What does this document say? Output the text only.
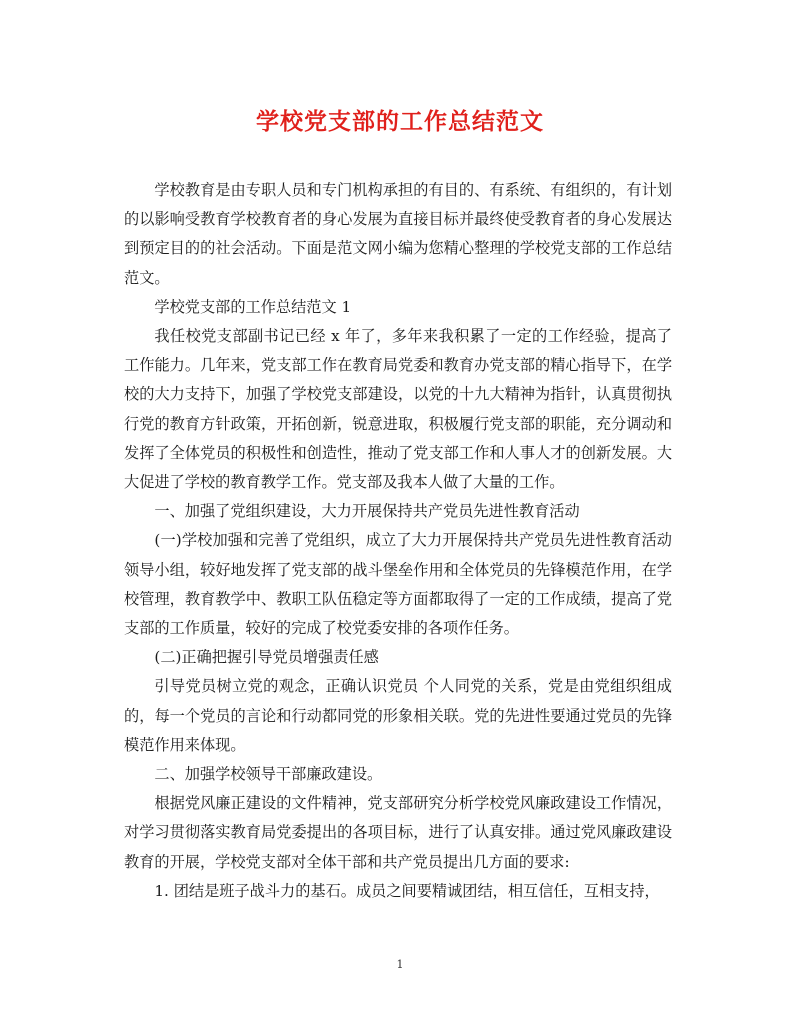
学校党支部的工作总结范文

学校教育是由专职人员和专门机构承担的有目的、有系统、有组织的，有计划的以影响受教育学校教育者的身心发展为直接目标并最终使受教育者的身心发展达到预定目的的社会活动。下面是范文网小编为您精心整理的学校党支部的工作总结范文。

学校党支部的工作总结范文 1

我任校党支部副书记已经 x 年了，多年来我积累了一定的工作经验，提高了工作能力。几年来，党支部工作在教育局党委和教育办党支部的精心指导下，在学校的大力支持下，加强了学校党支部建设，以党的十九大精神为指针，认真贯彻执行党的教育方针政策，开拓创新，锐意进取，积极履行党支部的职能，充分调动和发挥了全体党员的积极性和创造性，推动了党支部工作和人事人才的创新发展。大大促进了学校的教育教学工作。党支部及我本人做了大量的工作。

一、加强了党组织建设，大力开展保持共产党员先进性教育活动

(一)学校加强和完善了党组织，成立了大力开展保持共产党员先进性教育活动领导小组，较好地发挥了党支部的战斗堡垒作用和全体党员的先锋模范作用，在学校管理，教育教学中、教职工队伍稳定等方面都取得了一定的工作成绩，提高了党支部的工作质量，较好的完成了校党委安排的各项作任务。

(二)正确把握引导党员增强责任感

引导党员树立党的观念，正确认识党员 个人同党的关系，党是由党组织组成的，每一个党员的言论和行动都同党的形象相关联。党的先进性要通过党员的先锋模范作用来体现。

二、加强学校领导干部廉政建设。

根据党风廉正建设的文件精神，党支部研究分析学校党风廉政建设工作情况，对学习贯彻落实教育局党委提出的各项目标，进行了认真安排。通过党风廉政建设教育的开展，学校党支部对全体干部和共产党员提出几方面的要求:

1. 团结是班子战斗力的基石。成员之间要精诚团结，相互信任，互相支持，

1
